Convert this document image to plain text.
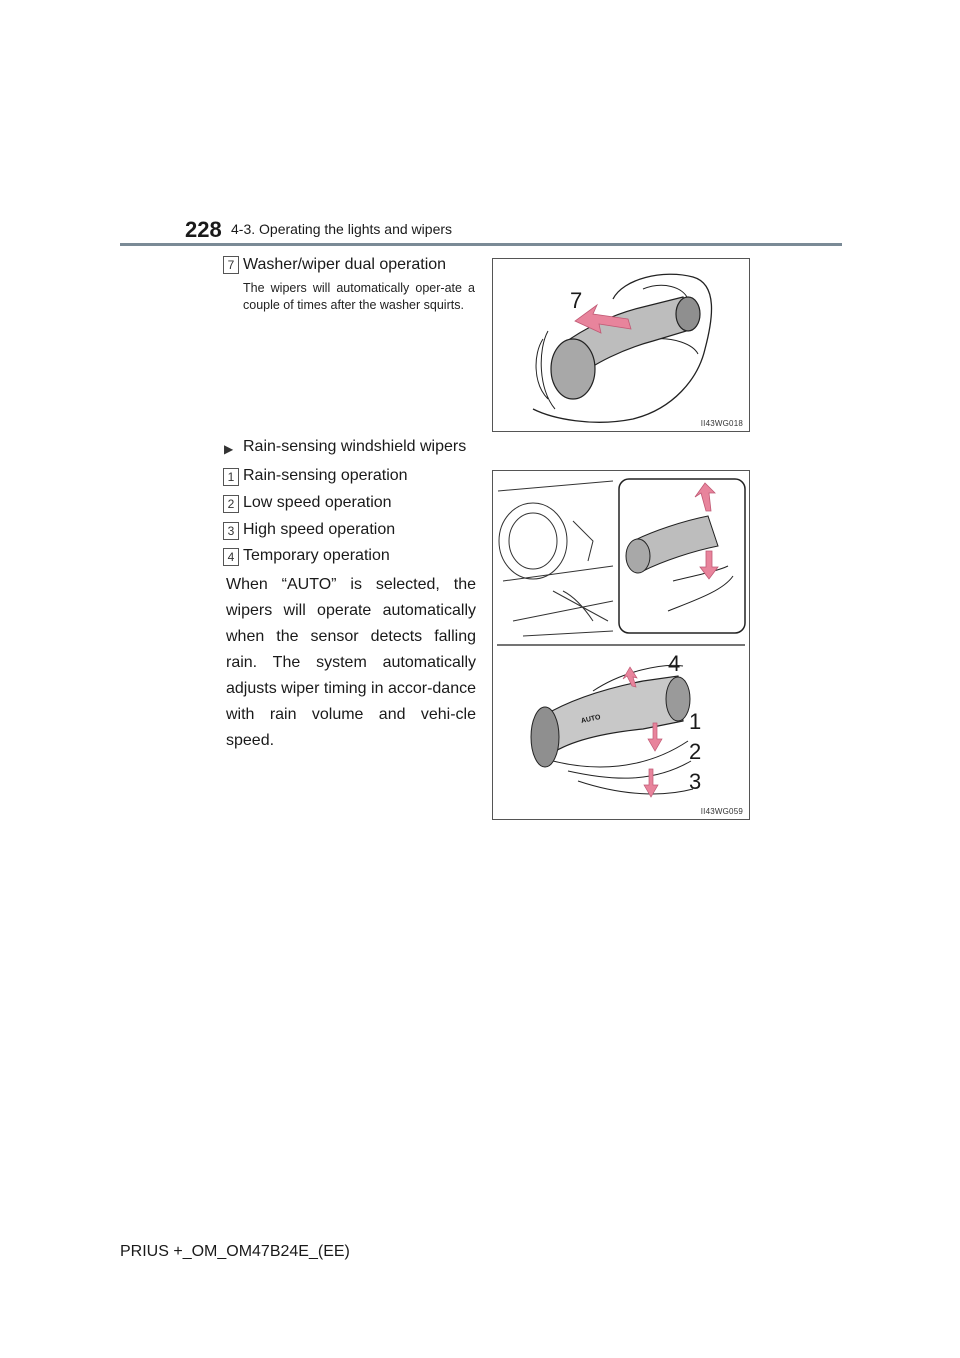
228 4-3. Operating the lights and wipers
7 Washer/wiper dual operation
The wipers will automatically oper-ate a couple of times after the washer squirts.	7
II43WG018
▶ Rain-sensing windshield wipers
1 Rain-sensing operation
2 Low speed operation
3 High speed operation
4 Temporary operation
When “AUTO” is selected, the wipers will operate automatically when the sensor detects falling rain. The system automatically adjusts wiper timing in accor-dance with rain volume and vehi-cle speed.
4
1
2
3
AUTO
II43WG059
PRIUS +_OM_OM47B24E_(EE)
